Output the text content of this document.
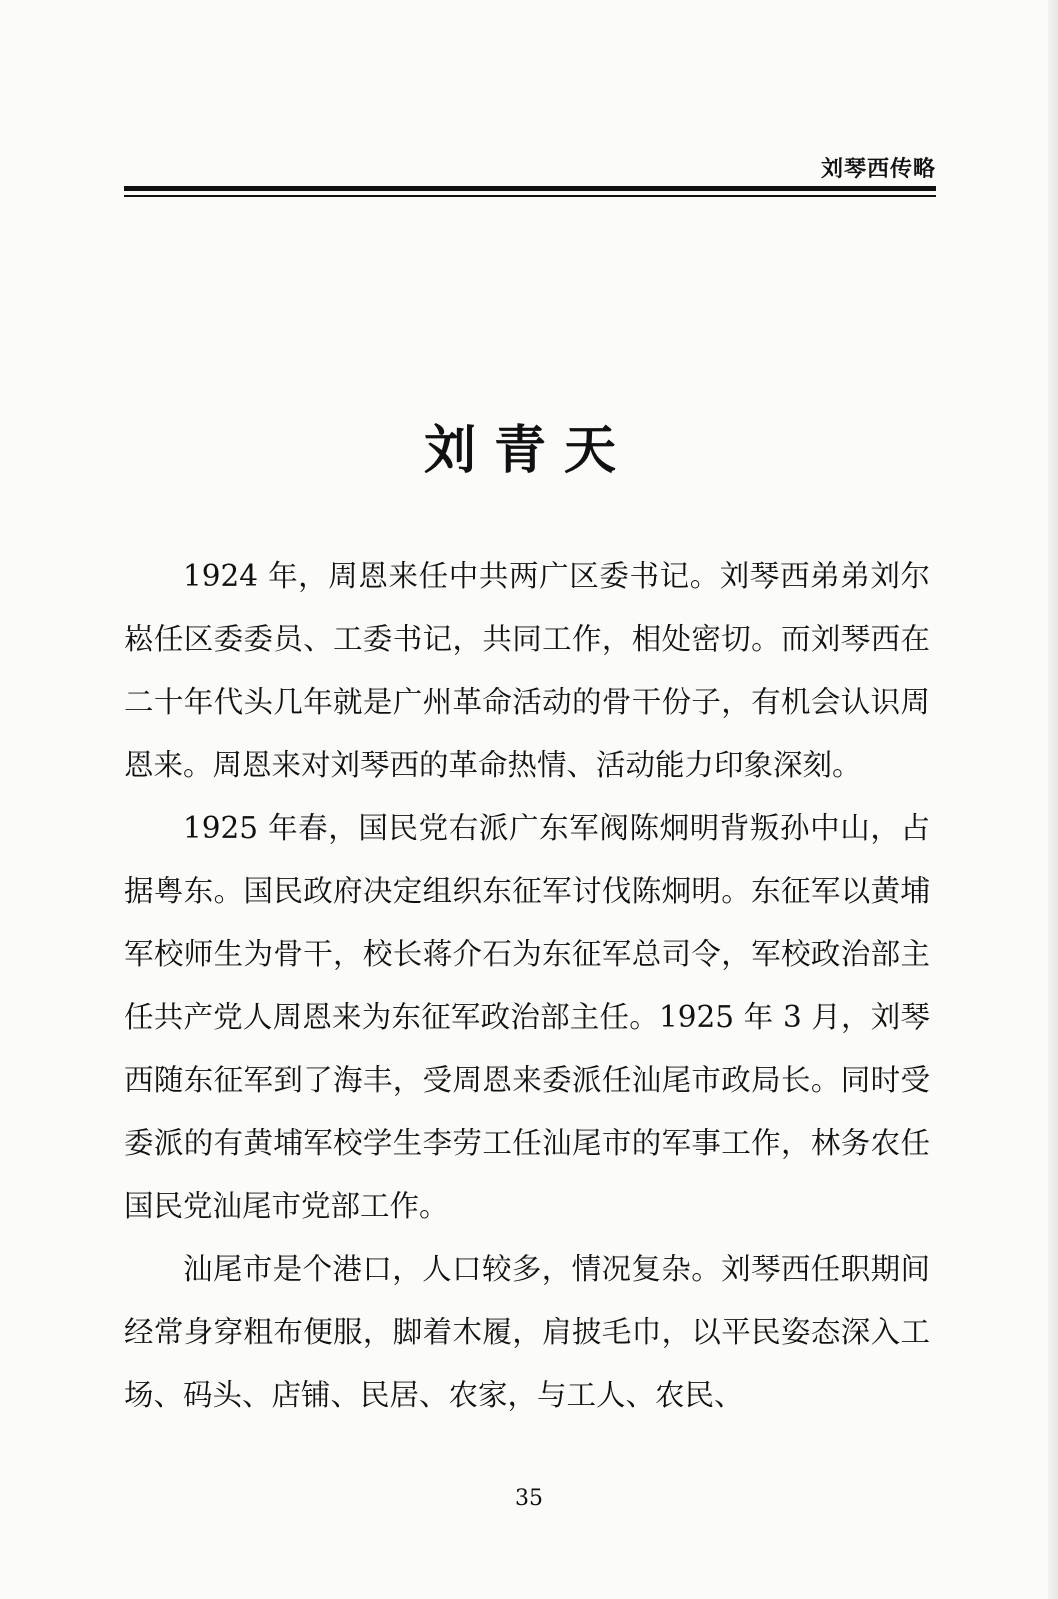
刘琴西传略
刘青天

1924 年，周恩来任中共两广区委书记。刘琴西弟弟刘尔崧任区委委员、工委书记，共同工作，相处密切。而刘琴西在二十年代头几年就是广州革命活动的骨干份子，有机会认识周恩来。周恩来对刘琴西的革命热情、活动能力印象深刻。

1925 年春，国民党右派广东军阀陈炯明背叛孙中山，占据粤东。国民政府决定组织东征军讨伐陈炯明。东征军以黄埔军校师生为骨干，校长蒋介石为东征军总司令，军校政治部主任共产党人周恩来为东征军政治部主任。1925 年 3 月，刘琴西随东征军到了海丰，受周恩来委派任汕尾市政局长。同时受委派的有黄埔军校学生李劳工任汕尾市的军事工作，林务农任国民党汕尾市党部工作。

汕尾市是个港口，人口较多，情况复杂。刘琴西任职期间经常身穿粗布便服，脚着木履，肩披毛巾，以平民姿态深入工场、码头、店铺、民居、农家，与工人、农民、

35
